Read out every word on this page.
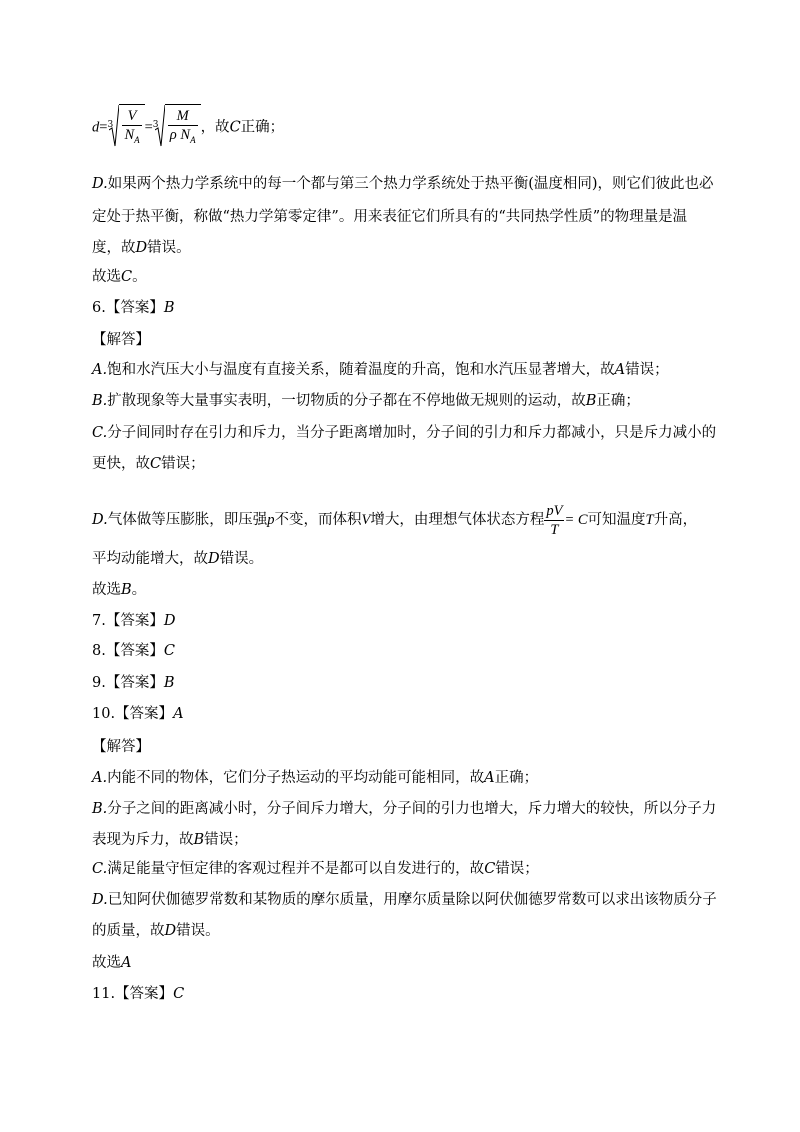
$d= 3 \frac{V}{N_A} = 3 \frac{M}{\rho N_A}$ ，故C正确；
D.如果两个热力学系统中的每一个都与第三个热力学系统处于热平衡(温度相同)，则它们彼此也必
定处于热平衡，称做“热力学第零定律”。用来表征它们所具有的“共同热学性质”的物理量是温
度，故D错误。
故选C。
6.【答案】B
【解答】
A.饱和水汽压大小与温度有直接关系，随着温度的升高，饱和水汽压显著增大，故A错误；
B.扩散现象等大量事实表明，一切物质的分子都在不停地做无规则的运动，故B正确；
C.分子间同时存在引力和斥力，当分子距离增加时，分子间的引力和斥力都减小，只是斥力减小的
更快，故C错误；
D.气体做等压膨胀，即压强p不变，而体积V增大，由理想气体状态方程 $\frac{pV}{T} = C$可知温度T升高，
平均动能增大，故D错误。
故选B。
7.【答案】D
8.【答案】C
9.【答案】B
10.【答案】A
【解答】
A.内能不同的物体，它们分子热运动的平均动能可能相同，故A正确；
B.分子之间的距离减小时，分子间斥力增大，分子间的引力也增大，斥力增大的较快，所以分子力
表现为斥力，故B错误；
C.满足能量守恒定律的客观过程并不是都可以自发进行的，故C错误；
D.已知阿伏伽德罗常数和某物质的摩尔质量，用摩尔质量除以阿伏伽德罗常数可以求出该物质分子
的质量，故D错误。
故选A
11.【答案】C
